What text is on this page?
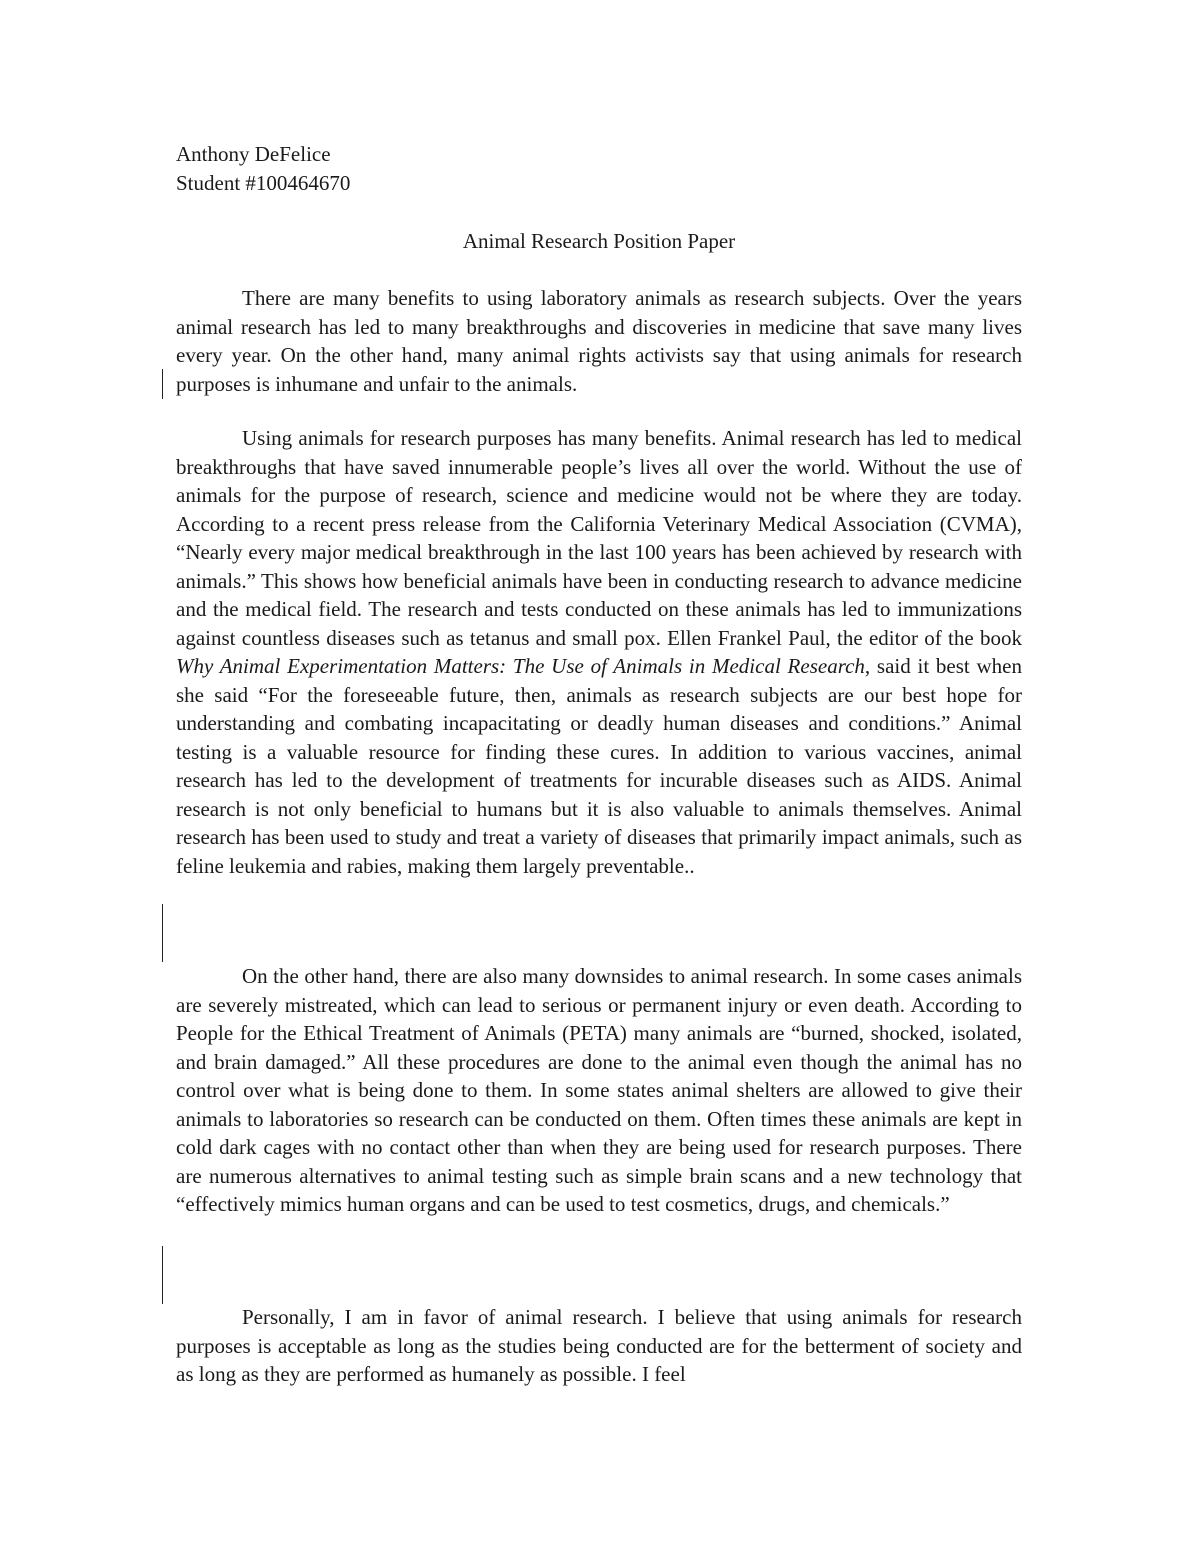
Anthony DeFelice
Student #100464670
Animal Research Position Paper

There are many benefits to using laboratory animals as research subjects. Over the years animal research has led to many breakthroughs and discoveries in medicine that save many lives every year. On the other hand, many animal rights activists say that using animals for research purposes is inhumane and unfair to the animals.

Using animals for research purposes has many benefits. Animal research has led to medical breakthroughs that have saved innumerable people’s lives all over the world. Without the use of animals for the purpose of research, science and medicine would not be where they are today. According to a recent press release from the California Veterinary Medical Association (CVMA), “Nearly every major medical breakthrough in the last 100 years has been achieved by research with animals.” This shows how beneficial animals have been in conducting research to advance medicine and the medical field. The research and tests conducted on these animals has led to immunizations against countless diseases such as tetanus and small pox. Ellen Frankel Paul, the editor of the book Why Animal Experimentation Matters: The Use of Animals in Medical Research, said it best when she said “For the foreseeable future, then, animals as research subjects are our best hope for understanding and combating incapacitating or deadly human diseases and conditions.” Animal testing is a valuable resource for finding these cures. In addition to various vaccines, animal research has led to the development of treatments for incurable diseases such as AIDS. Animal research is not only beneficial to humans but it is also valuable to animals themselves. Animal research has been used to study and treat a variety of diseases that primarily impact animals, such as feline leukemia and rabies, making them largely preventable..

On the other hand, there are also many downsides to animal research. In some cases animals are severely mistreated, which can lead to serious or permanent injury or even death. According to People for the Ethical Treatment of Animals (PETA) many animals are “burned, shocked, isolated, and brain damaged.” All these procedures are done to the animal even though the animal has no control over what is being done to them. In some states animal shelters are allowed to give their animals to laboratories so research can be conducted on them. Often times these animals are kept in cold dark cages with no contact other than when they are being used for research purposes. There are numerous alternatives to animal testing such as simple brain scans and a new technology that “effectively mimics human organs and can be used to test cosmetics, drugs, and chemicals.”

Personally, I am in favor of animal research. I believe that using animals for research purposes is acceptable as long as the studies being conducted are for the betterment of society and as long as they are performed as humanely as possible. I feel
